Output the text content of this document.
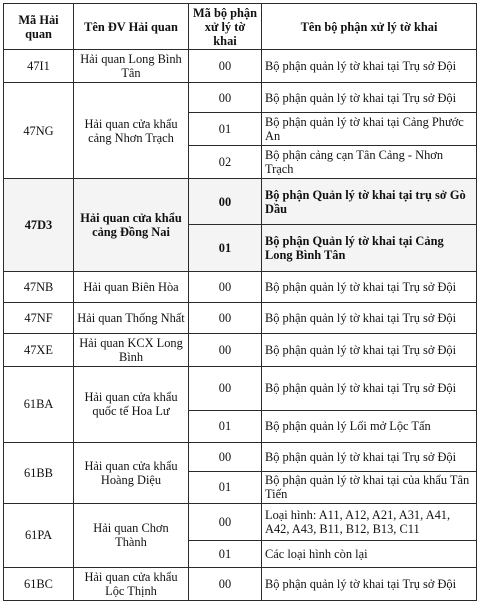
Mã Hải quan	Tên ĐV Hải quan	Mã bộ phận xử lý tờ khai	Tên bộ phận xử lý tờ khai
47I1	Hải quan Long Bình Tân	00	Bộ phận quản lý tờ khai tại Trụ sở Đội
47NG	Hải quan cửa khẩu cảng Nhơn Trạch	00	Bộ phận quản lý tờ khai tại Trụ sở Đội
		01	Bộ phận quản lý tờ khai tại Cảng Phước An
		02	Bộ phận cảng cạn Tân Cảng - Nhơn Trạch
47D3	Hải quan cửa khẩu cảng Đồng Nai	00	Bộ phận Quản lý tờ khai tại trụ sở Gò Dầu
		01	Bộ phận Quản lý tờ khai tại Cảng Long Bình Tân
47NB	Hải quan Biên Hòa	00	Bộ phận quản lý tờ khai tại Trụ sở Đội
47NF	Hải quan Thống Nhất	00	Bộ phận quản lý tờ khai tại Trụ sở Đội
47XE	Hải quan KCX Long Bình	00	Bộ phận quản lý tờ khai tại Trụ sở Đội
61BA	Hải quan cửa khẩu quốc tế Hoa Lư	00	Bộ phận quản lý tờ khai tại Trụ sở Đội
		01	Bộ phận quản lý Lối mở Lộc Tấn
61BB	Hải quan cửa khẩu Hoàng Diệu	00	Bộ phận quản lý tờ khai tại Trụ sở Đội
		01	Bộ phận quản lý tờ khai tại của khẩu Tân Tiến
61PA	Hải quan Chơn Thành	00	Loại hình: A11, A12, A21, A31, A41, A42, A43, B11, B12, B13, C11
		01	Các loại hình còn lại
61BC	Hải quan cửa khẩu Lộc Thịnh	00	Bộ phận quản lý tờ khai tại Trụ sở Đội
